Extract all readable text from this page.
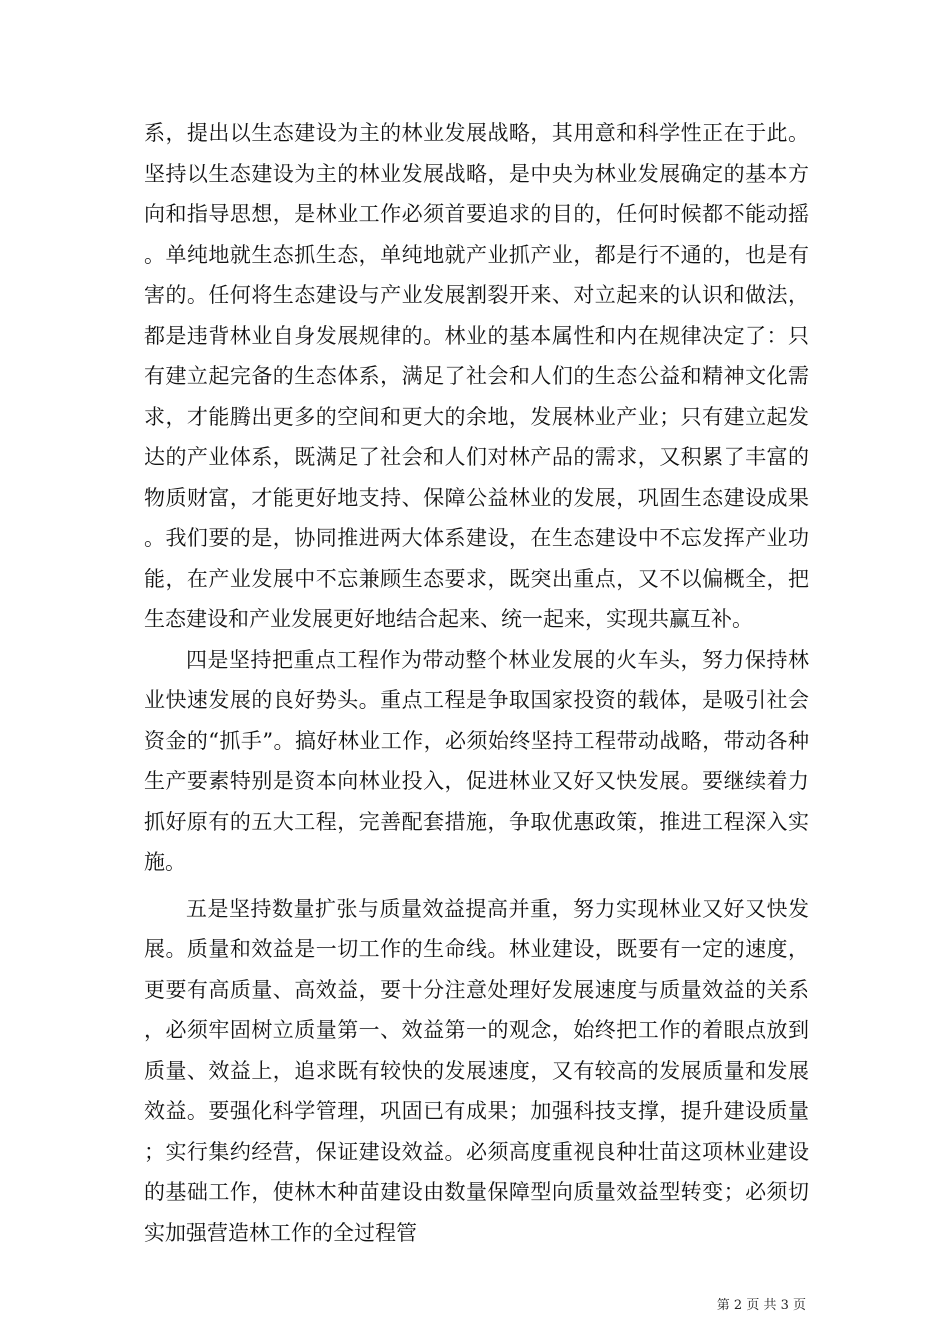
系，提出以生态建设为主的林业发展战略，其用意和科学性正在于此。坚持以生态建设为主的林业发展战略，是中央为林业发展确定的基本方向和指导思想，是林业工作必须首要追求的目的，任何时候都不能动摇。单纯地就生态抓生态，单纯地就产业抓产业，都是行不通的，也是有害的。任何将生态建设与产业发展割裂开来、对立起来的认识和做法，都是违背林业自身发展规律的。林业的基本属性和内在规律决定了：只有建立起完备的生态体系，满足了社会和人们的生态公益和精神文化需求，才能腾出更多的空间和更大的余地，发展林业产业；只有建立起发达的产业体系，既满足了社会和人们对林产品的需求，又积累了丰富的物质财富，才能更好地支持、保障公益林业的发展，巩固生态建设成果。我们要的是，协同推进两大体系建设，在生态建设中不忘发挥产业功能，在产业发展中不忘兼顾生态要求，既突出重点，又不以偏概全，把生态建设和产业发展更好地结合起来、统一起来，实现共赢互补。

四是坚持把重点工程作为带动整个林业发展的火车头，努力保持林业快速发展的良好势头。重点工程是争取国家投资的载体，是吸引社会资金的“抓手”。搞好林业工作，必须始终坚持工程带动战略，带动各种生产要素特别是资本向林业投入，促进林业又好又快发展。要继续着力抓好原有的五大工程，完善配套措施，争取优惠政策，推进工程深入实施。

五是坚持数量扩张与质量效益提高并重，努力实现林业又好又快发展。质量和效益是一切工作的生命线。林业建设，既要有一定的速度，更要有高质量、高效益，要十分注意处理好发展速度与质量效益的关系，必须牢固树立质量第一、效益第一的观念，始终把工作的着眼点放到质量、效益上，追求既有较快的发展速度，又有较高的发展质量和发展效益。要强化科学管理，巩固已有成果；加强科技支撑，提升建设质量；实行集约经营，保证建设效益。必须高度重视良种壮苗这项林业建设的基础工作，使林木种苗建设由数量保障型向质量效益型转变；必须切实加强营造林工作的全过程管

第 2 页 共 3 页
